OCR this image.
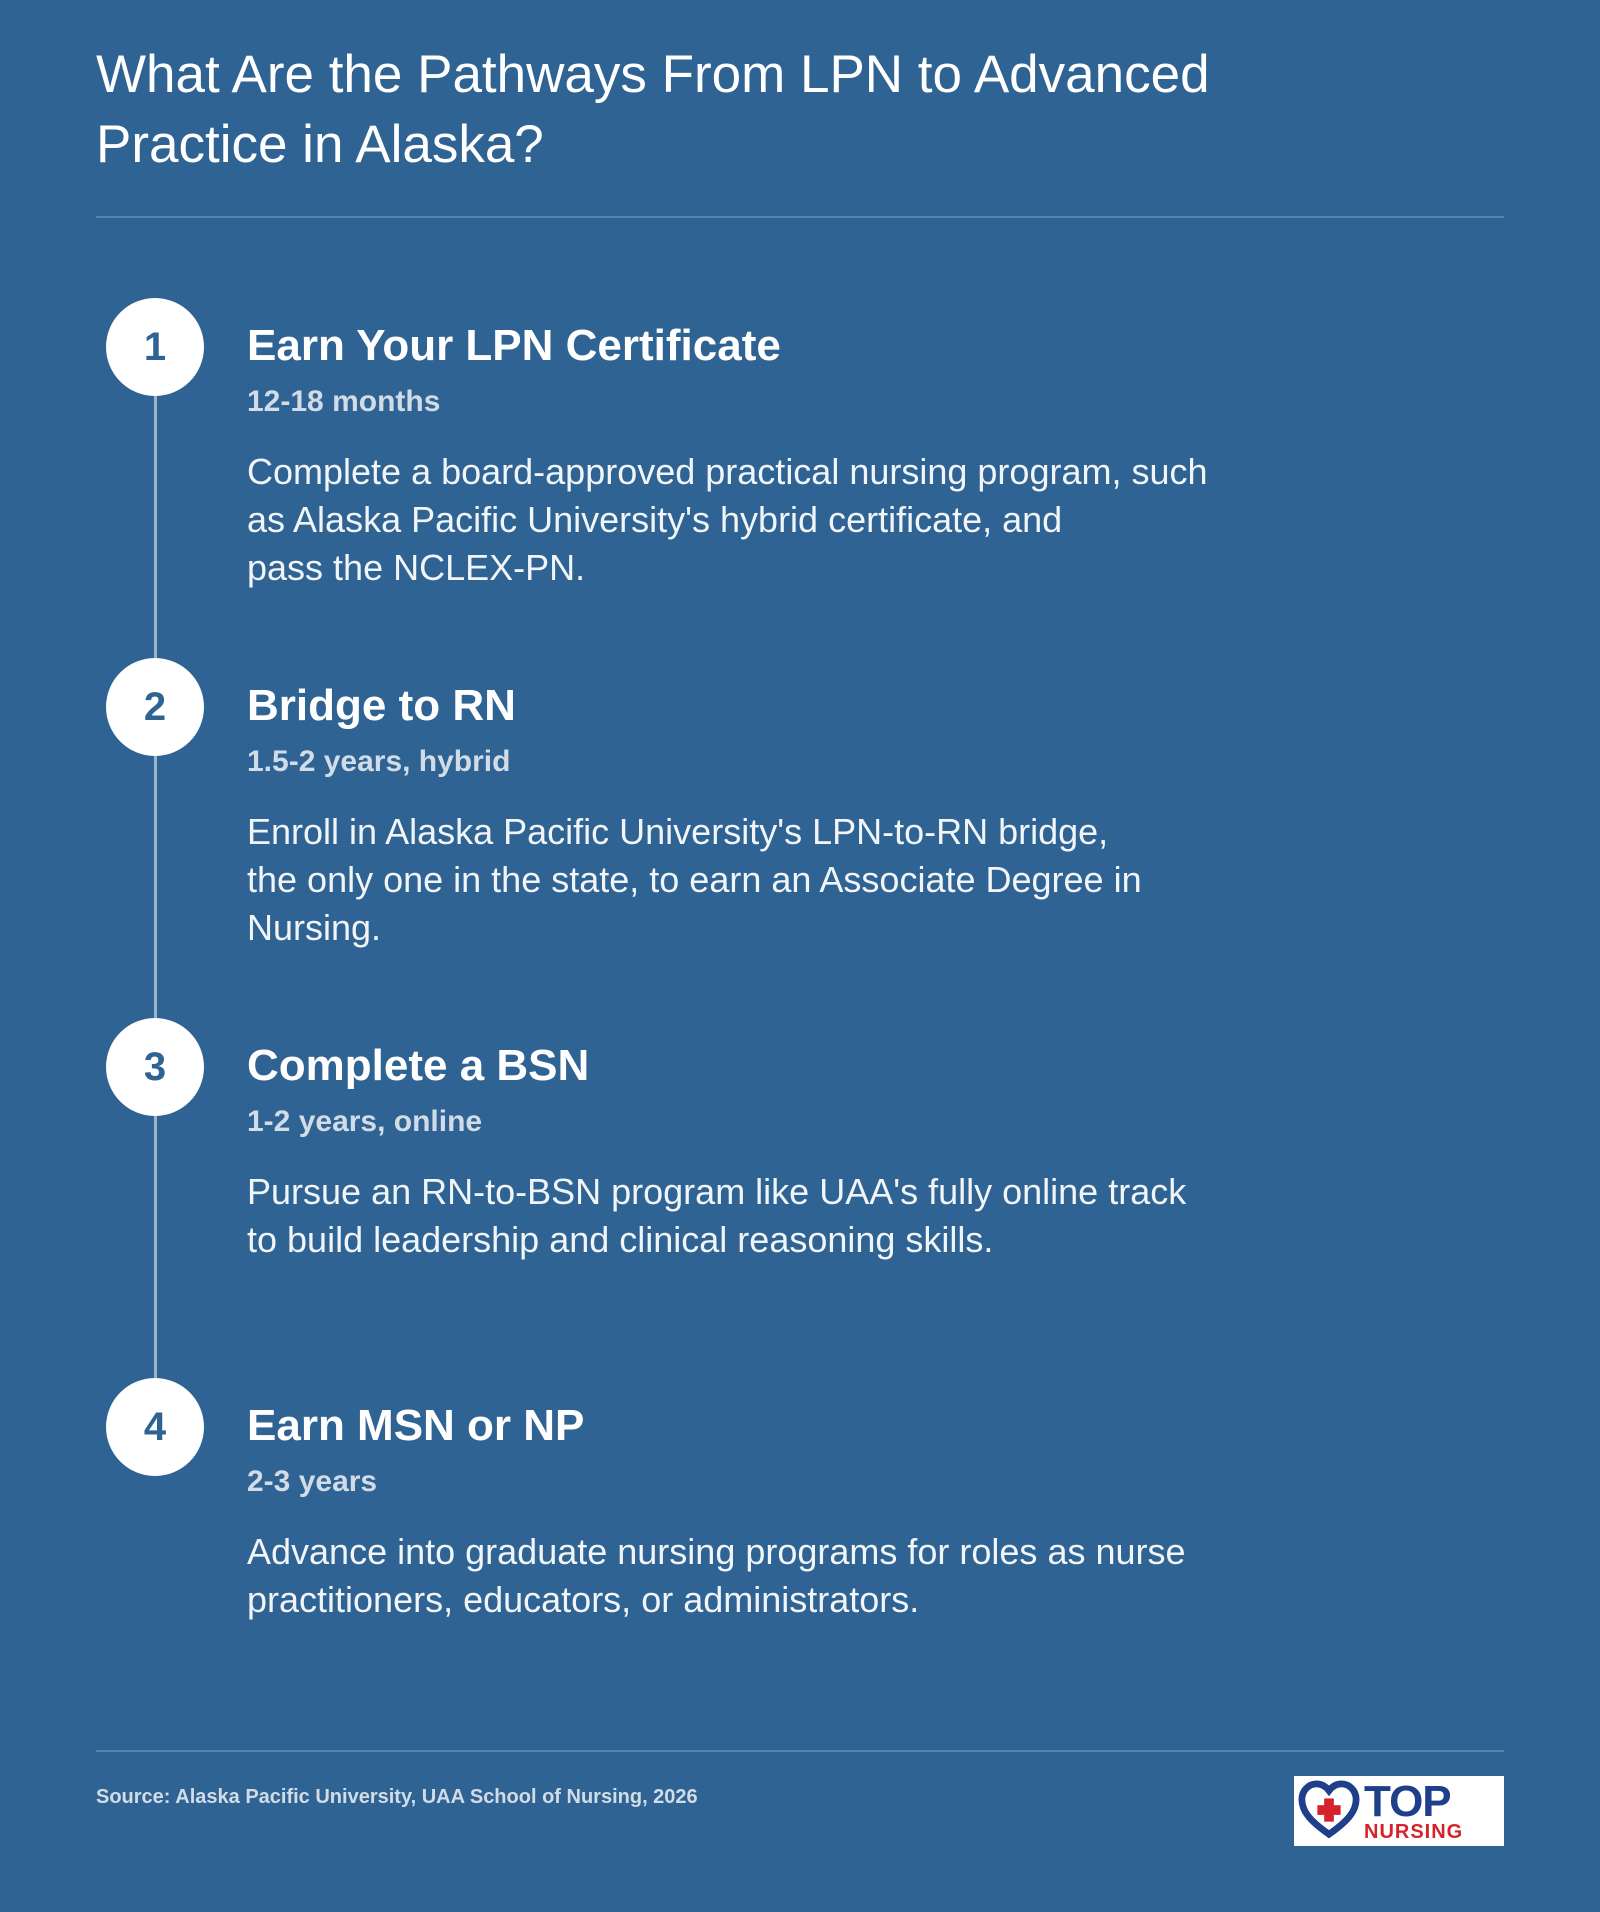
What Are the Pathways From LPN to Advanced
Practice in Alaska?
1	Earn Your LPN Certificate
12-18 months
Complete a board-approved practical nursing program, such
as Alaska Pacific University's hybrid certificate, and
pass the NCLEX-PN.
2	Bridge to RN
1.5-2 years, hybrid
Enroll in Alaska Pacific University's LPN-to-RN bridge,
the only one in the state, to earn an Associate Degree in
Nursing.
3	Complete a BSN
1-2 years, online
Pursue an RN-to-BSN program like UAA's fully online track
to build leadership and clinical reasoning skills.
4	Earn MSN or NP
2-3 years
Advance into graduate nursing programs for roles as nurse
practitioners, educators, or administrators.
Source: Alaska Pacific University, UAA School of Nursing, 2026	TOP
NURSING
